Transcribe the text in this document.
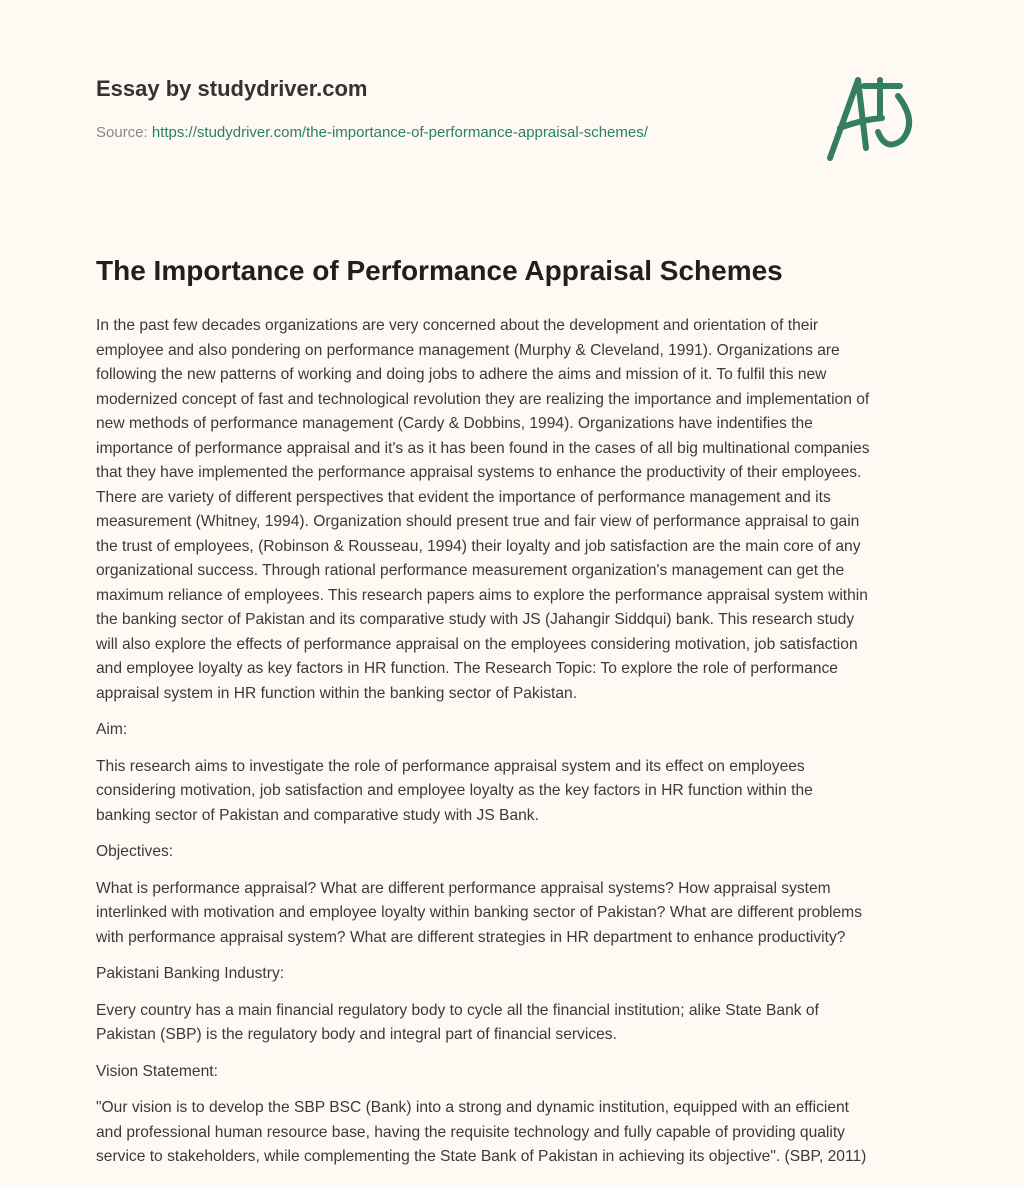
Essay by studydriver.com
Source: https://studydriver.com/the-importance-of-performance-appraisal-schemes/
The Importance of Performance Appraisal Schemes

In the past few decades organizations are very concerned about the development and orientation of their
employee and also pondering on performance management (Murphy & Cleveland, 1991). Organizations are
following the new patterns of working and doing jobs to adhere the aims and mission of it. To fulfil this new
modernized concept of fast and technological revolution they are realizing the importance and implementation of
new methods of performance management (Cardy & Dobbins, 1994). Organizations have indentifies the
importance of performance appraisal and it's as it has been found in the cases of all big multinational companies
that they have implemented the performance appraisal systems to enhance the productivity of their employees.
There are variety of different perspectives that evident the importance of performance management and its
measurement (Whitney, 1994). Organization should present true and fair view of performance appraisal to gain
the trust of employees, (Robinson & Rousseau, 1994) their loyalty and job satisfaction are the main core of any
organizational success. Through rational performance measurement organization's management can get the
maximum reliance of employees. This research papers aims to explore the performance appraisal system within
the banking sector of Pakistan and its comparative study with JS (Jahangir Siddqui) bank. This research study
will also explore the effects of performance appraisal on the employees considering motivation, job satisfaction
and employee loyalty as key factors in HR function. The Research Topic: To explore the role of performance
appraisal system in HR function within the banking sector of Pakistan.

Aim:

This research aims to investigate the role of performance appraisal system and its effect on employees
considering motivation, job satisfaction and employee loyalty as the key factors in HR function within the
banking sector of Pakistan and comparative study with JS Bank.

Objectives:

What is performance appraisal? What are different performance appraisal systems? How appraisal system
interlinked with motivation and employee loyalty within banking sector of Pakistan? What are different problems
with performance appraisal system? What are different strategies in HR department to enhance productivity?

Pakistani Banking Industry:

Every country has a main financial regulatory body to cycle all the financial institution; alike State Bank of
Pakistan (SBP) is the regulatory body and integral part of financial services.

Vision Statement:

"Our vision is to develop the SBP BSC (Bank) into a strong and dynamic institution, equipped with an efficient
and professional human resource base, having the requisite technology and fully capable of providing quality
service to stakeholders, while complementing the State Bank of Pakistan in achieving its objective". (SBP, 2011)
